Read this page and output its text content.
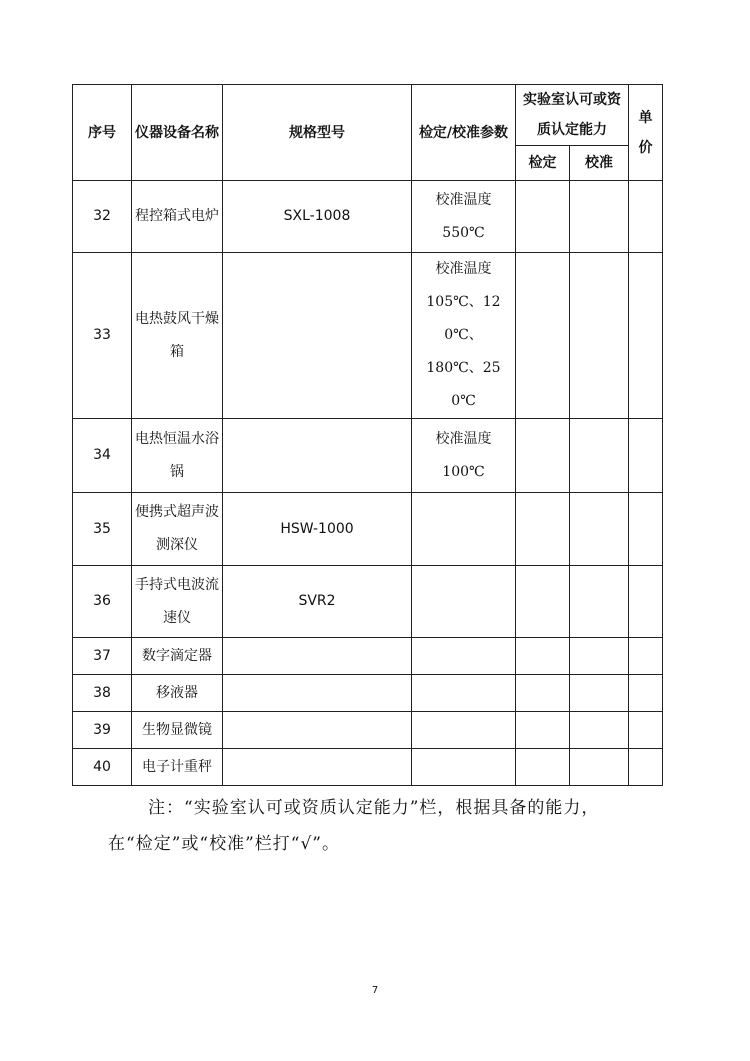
序号	仪器设备名称	规格型号	检定/校准参数	实验室认可或资质认定能力		单价
				检定	校准	
32	程控箱式电炉	SXL-1008	校准温度
550℃			
33	电热鼓风干燥箱		校准温度
105℃、120℃、
180℃、250℃			
34	电热恒温水浴锅		校准温度
100℃			
35	便携式超声波测深仪	HSW-1000				
36	手持式电波流速仪	SVR2				
37	数字滴定器					
38	移液器					
39	生物显微镜					
40	电子计重秤					
注：“实验室认可或资质认定能力”栏，根据具备的能力，
在“检定”或“校准”栏打“√”。
7
